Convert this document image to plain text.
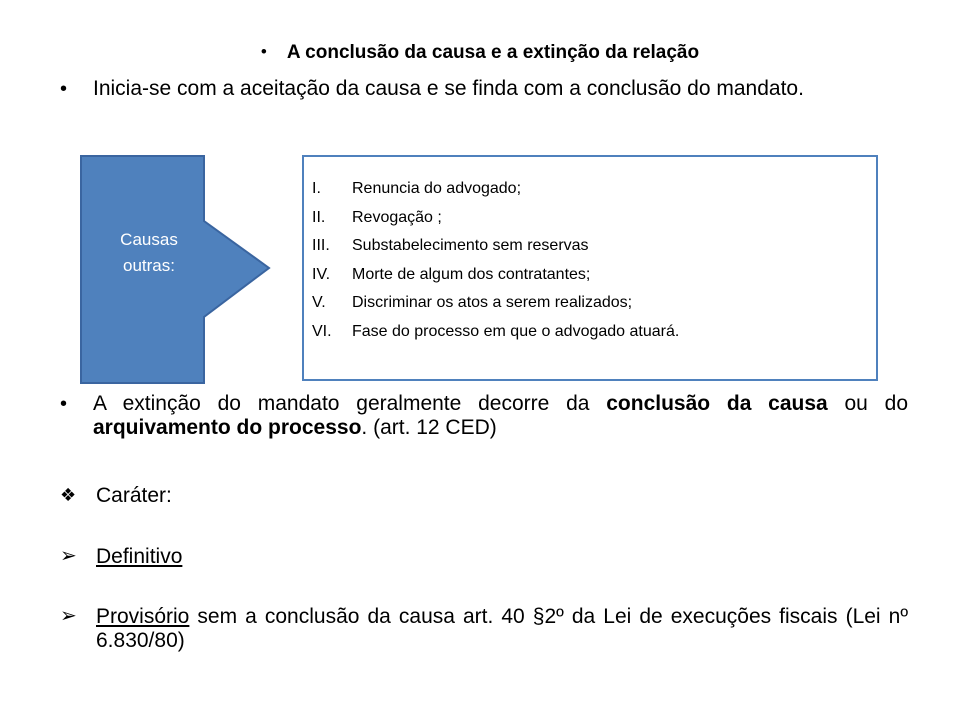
•	A conclusão da causa e a extinção da relação
•	Inicia-se com a aceitação da causa e se finda com a conclusão do mandato.
Causas
outras:
I.	Renuncia do advogado;
II.	Revogação ;
III.	Substabelecimento sem reservas
IV.	Morte de algum dos contratantes;
V.	Discriminar os atos a serem realizados;
VI.	Fase do processo em que o advogado atuará.
•	A extinção do mandato geralmente decorre da conclusão da causa ou do arquivamento do processo. (art. 12 CED)
❖ Caráter:
➢ Definitivo
➢ Provisório sem a conclusão da causa art. 40 §2º da Lei de execuções fiscais (Lei nº 6.830/80)
